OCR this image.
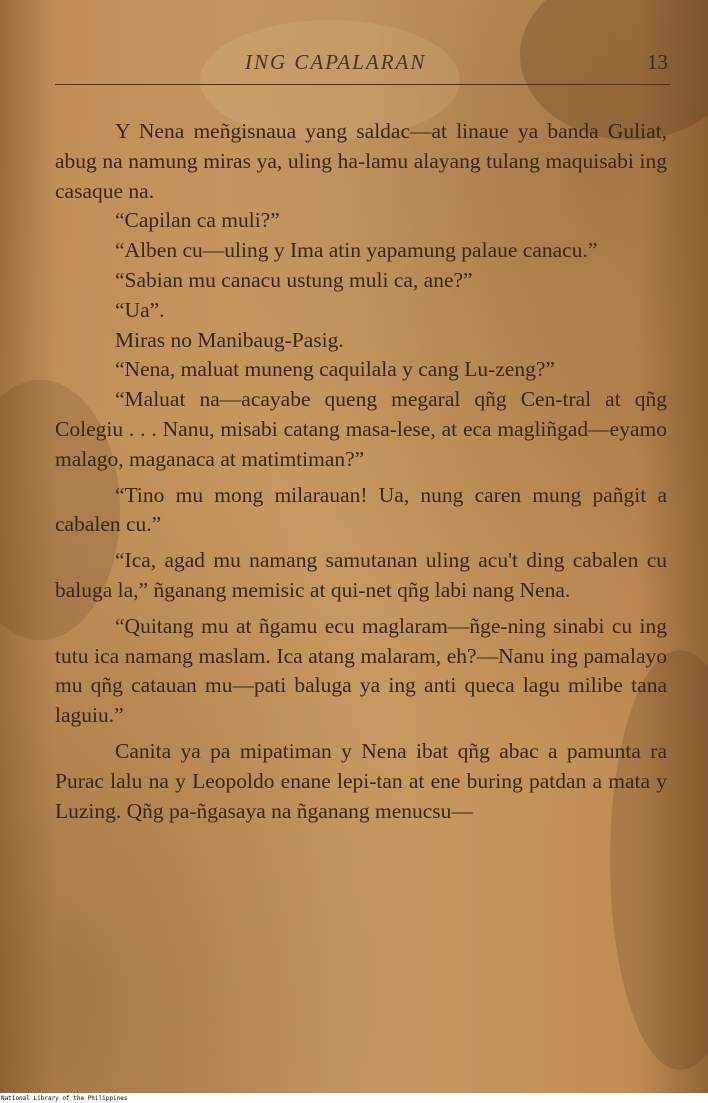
ING CAPALARAN	13

Y Nena meñgisnaua yang saldac—at linaue ya banda Guliat, abug na namung miras ya, uling ha-lamu alayang tulang maquisabi ing casaque na.

“Capilan ca muli?”

“Alben cu—uling y Ima atin yapamung palaue canacu.”

“Sabian mu canacu ustung muli ca, ane?”

“Ua”.

Miras no Manibaug-Pasig.

“Nena, maluat muneng caquilala y cang Lu-zeng?”

“Maluat na—acayabe queng megaral qñg Cen-tral at qñg Colegiu . . . Nanu, misabi catang masa-lese, at eca magliñgad—eyamo malago, maganaca at matimtiman?”

“Tino mu mong milarauan! Ua, nung caren mung pañgit a cabalen cu.”

“Ica, agad mu namang samutanan uling acu't ding cabalen cu baluga la,” ñganang memisic at qui-net qñg labi nang Nena.

“Quitang mu at ñgamu ecu maglaram—ñge-ning sinabi cu ing tutu ica namang maslam. Ica atang malaram, eh?—Nanu ing pamalayo mu qñg catauan mu—pati baluga ya ing anti queca lagu milibe tana laguiu.”

Canita ya pa mipatiman y Nena ibat qñg abac a pamunta ra Purac lalu na y Leopoldo enane lepi-tan at ene buring patdan a mata y Luzing. Qñg pa-ñgasaya na ñganang menucsu—

National Library of the Philippines
